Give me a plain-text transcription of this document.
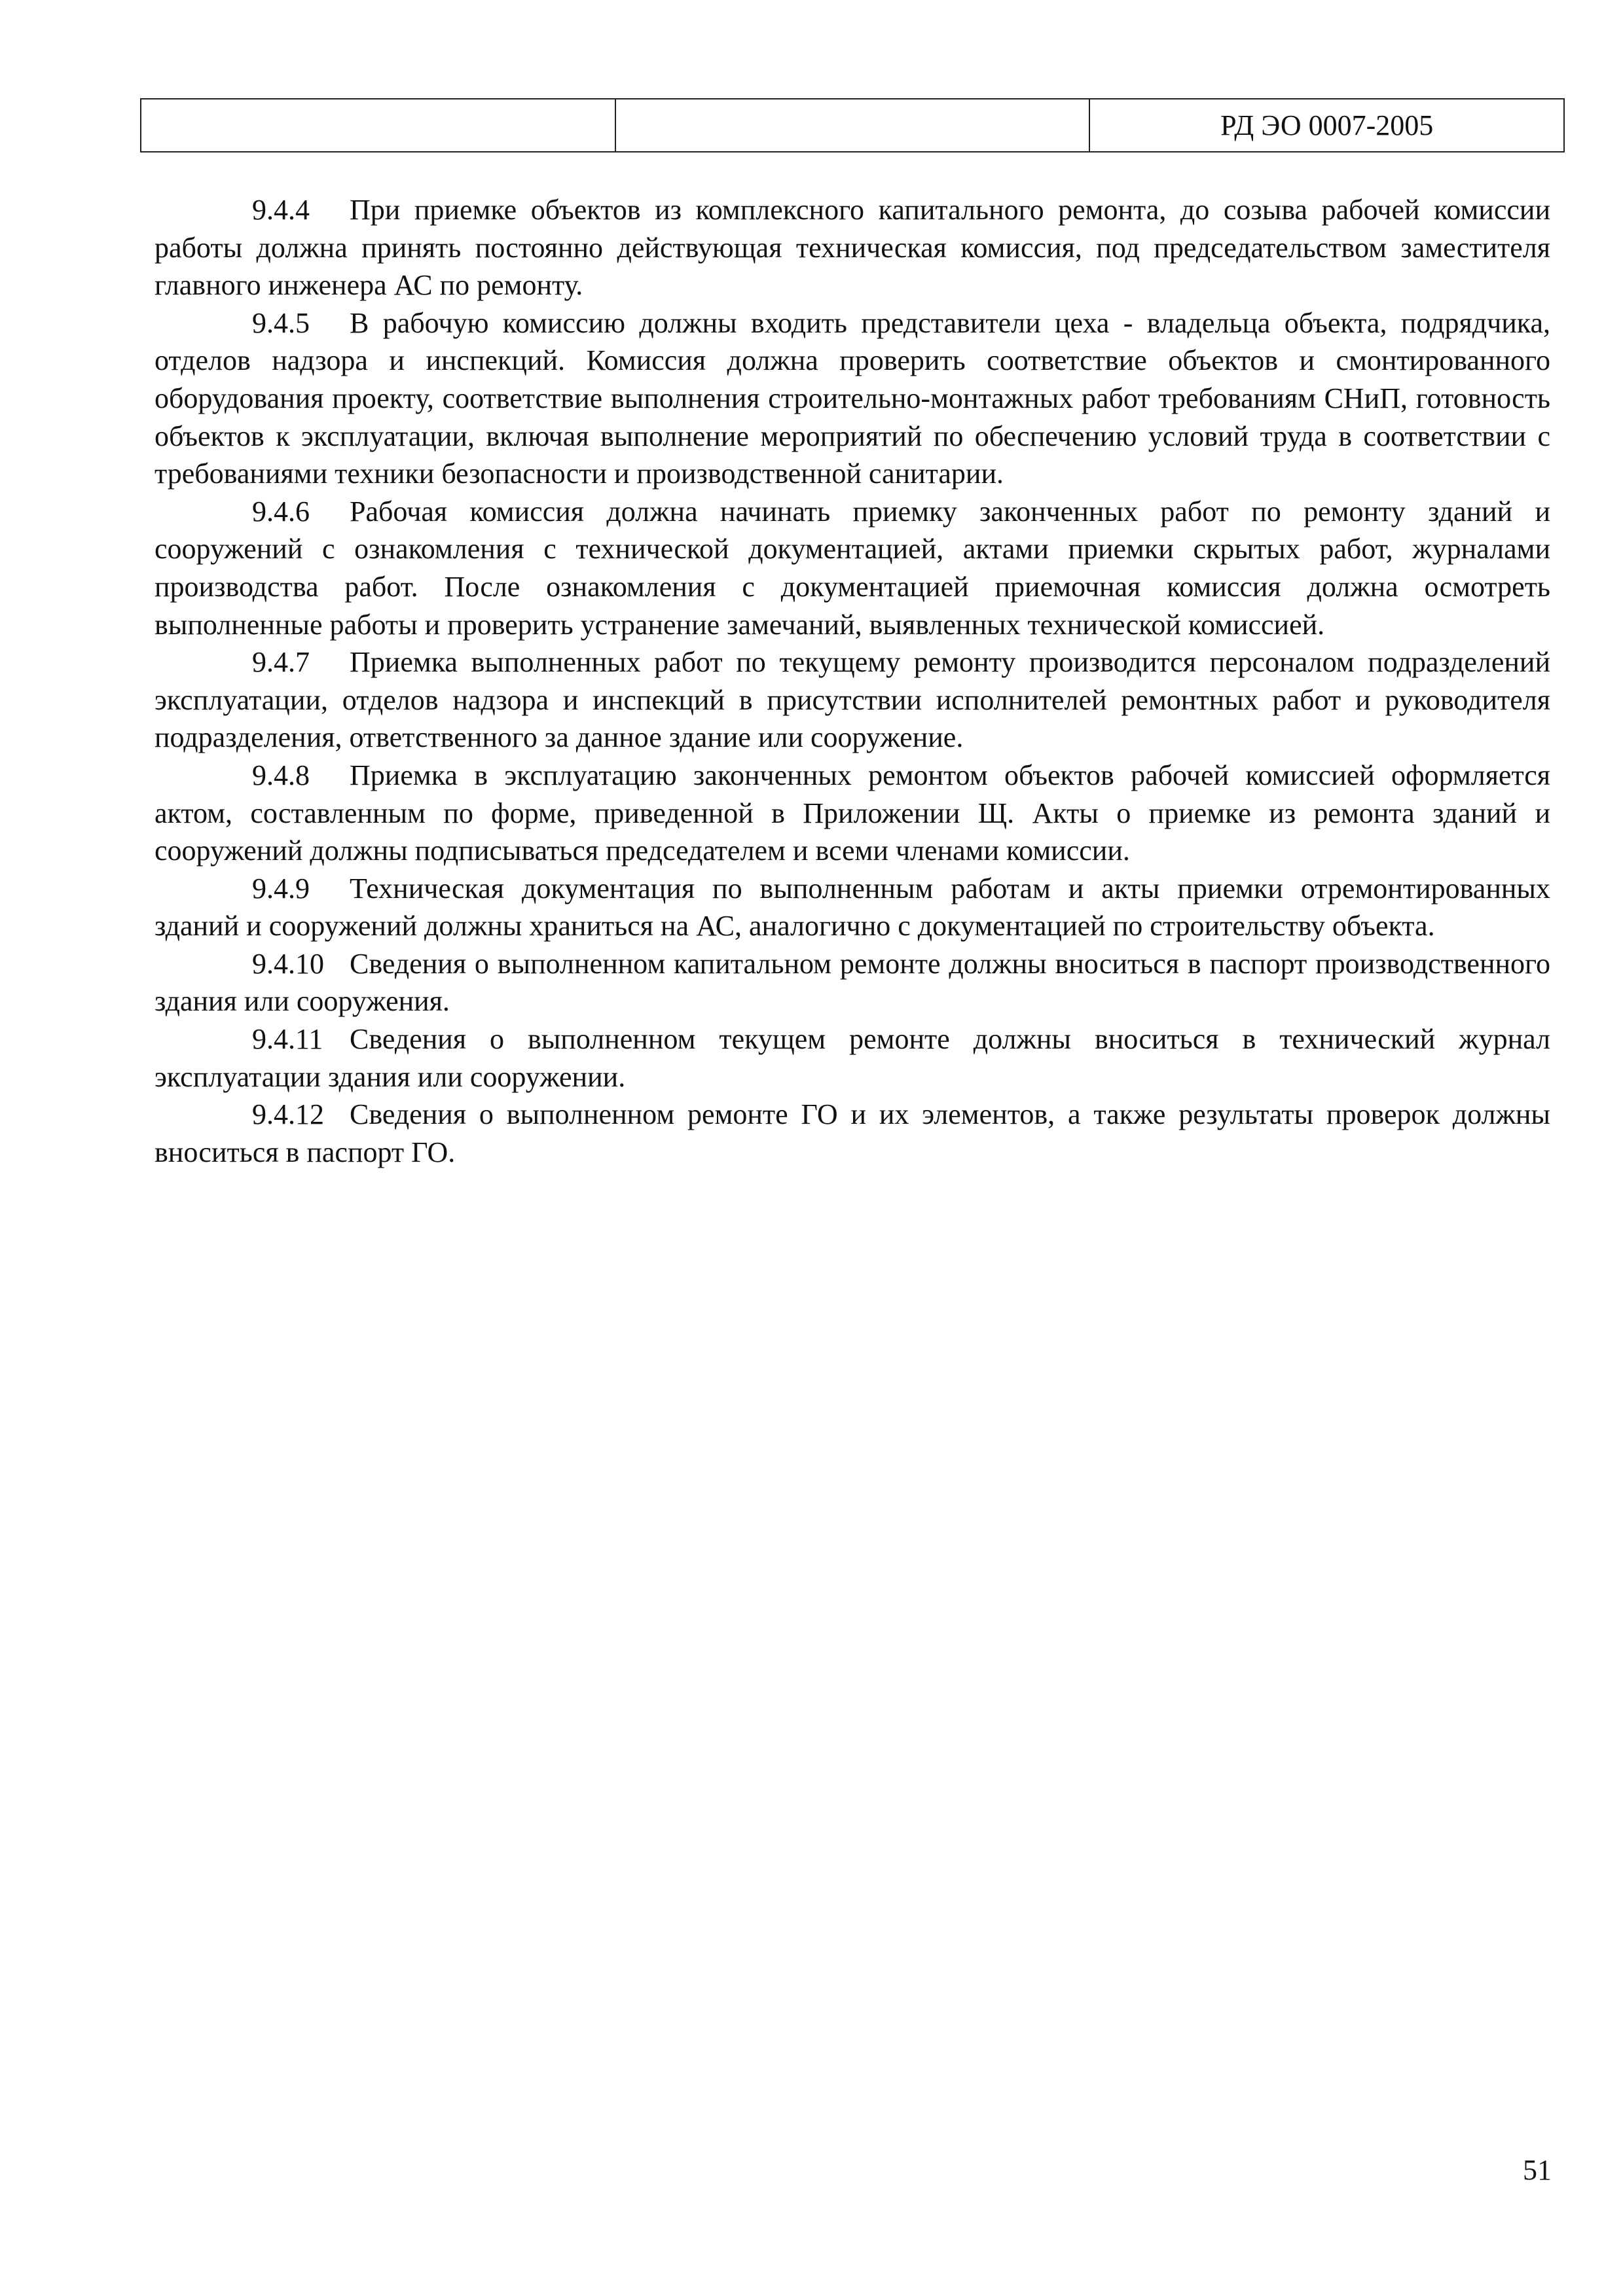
		РД ЭО 0007-2005

9.4.4 При приемке объектов из комплексного капитального ремонта, до созыва рабочей комиссии работы должна принять постоянно действующая техническая комиссия, под председательством заместителя главного инженера АС по ремонту.

9.4.5 В рабочую комиссию должны входить представители цеха - владельца объекта, подрядчика, отделов надзора и инспекций. Комиссия должна проверить соответствие объектов и смонтированного оборудования проекту, соответствие выполнения строительно-монтажных работ требованиям СНиП, готовность объектов к эксплуатации, включая выполнение мероприятий по обеспечению условий труда в соответствии с требованиями техники безопасности и производственной санитарии.

9.4.6 Рабочая комиссия должна начинать приемку законченных работ по ремонту зданий и сооружений с ознакомления с технической документацией, актами приемки скрытых работ, журналами производства работ. После ознакомления с документацией приемочная комиссия должна осмотреть выполненные работы и проверить устранение замечаний, выявленных технической комиссией.

9.4.7 Приемка выполненных работ по текущему ремонту производится персоналом подразделений эксплуатации, отделов надзора и инспекций в присутствии исполнителей ремонтных работ и руководителя подразделения, ответственного за данное здание или сооружение.

9.4.8 Приемка в эксплуатацию законченных ремонтом объектов рабочей комиссией оформляется актом, составленным по форме, приведенной в Приложении Щ. Акты о приемке из ремонта зданий и сооружений должны подписываться председателем и всеми членами комиссии.

9.4.9 Техническая документация по выполненным работам и акты приемки отремонтированных зданий и сооружений должны храниться на АС, аналогично с документацией по строительству объекта.

9.4.10 Сведения о выполненном капитальном ремонте должны вноситься в паспорт производственного здания или сооружения.

9.4.11 Сведения о выполненном текущем ремонте должны вноситься в технический журнал эксплуатации здания или сооружении.

9.4.12 Сведения о выполненном ремонте ГО и их элементов, а также результаты проверок должны вноситься в паспорт ГО.

51
